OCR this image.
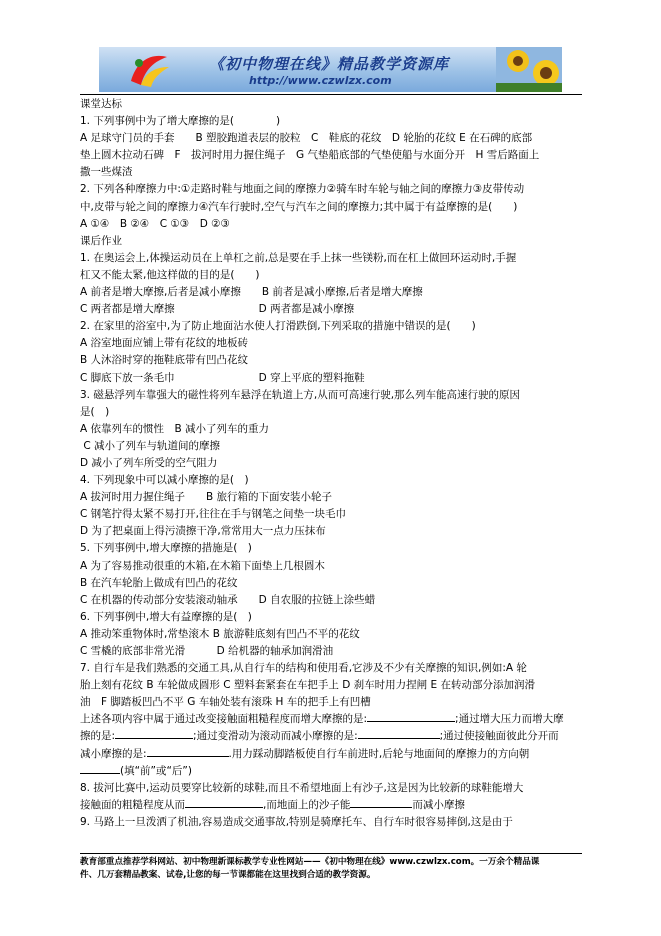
《初中物理在线》精品教学资源库
http://www.czwlzx.com

课堂达标

1. 下列事例中为了增大摩擦的是(　　　　)

A 足球守门员的手套　　B 塑胶跑道表层的胶粒　C　鞋底的花纹　D 轮胎的花纹 E 在石碑的底部

垫上圆木拉动石碑　F　拔河时用力握住绳子　G 气垫船底部的气垫使船与水面分开　H 雪后路面上

撒一些煤渣

2. 下列各种摩擦力中:①走路时鞋与地面之间的摩擦力②骑车时车轮与轴之间的摩擦力③皮带传动

中,皮带与轮之间的摩擦力④汽车行驶时,空气与汽车之间的摩擦力;其中属于有益摩擦的是(　　)

A ①④　B ②④　C ①③　D ②③

课后作业

1. 在奥运会上,体操运动员在上单杠之前,总是要在手上抹一些镁粉,而在杠上做回环运动时,手握

杠又不能太紧,他这样做的目的是(　　)

A 前者是增大摩擦,后者是减小摩擦　　B 前者是减小摩擦,后者是增大摩擦

C 两者都是增大摩擦　　　　　　　　D 两者都是减小摩擦

2. 在家里的浴室中,为了防止地面沾水使人打滑跌倒,下列采取的措施中错误的是(　　)

A 浴室地面应铺上带有花纹的地板砖

B 人沐浴时穿的拖鞋底带有凹凸花纹

C 脚底下放一条毛巾　　　　　　　　D 穿上平底的塑料拖鞋

3. 磁悬浮列车靠强大的磁性将列车悬浮在轨道上方,从而可高速行驶,那么列车能高速行驶的原因

是(　)

A 依靠列车的惯性　B 减小了列车的重力

C 减小了列车与轨道间的摩擦

D 减小了列车所受的空气阻力

4. 下列现象中可以减小摩擦的是(　)

A 拔河时用力握住绳子　　B 旅行箱的下面安装小轮子

C 钢笔拧得太紧不易打开,往往在手与钢笔之间垫一块毛巾

D 为了把桌面上得污渍擦干净,常常用大一点力压抹布

5. 下列事例中,增大摩擦的措施是(　)

A 为了容易推动很重的木箱,在木箱下面垫上几根圆木

B 在汽车轮胎上做成有凹凸的花纹

C 在机器的传动部分安装滚动轴承　　D 自农服的拉链上涂些蜡

6. 下列事例中,增大有益摩擦的是(　)

A 推动笨重物体时,常垫滚木 B 旅游鞋底刻有凹凸不平的花纹

C 雪橇的底部非常光滑　　　D 给机器的轴承加润滑油

7. 自行车是我们熟悉的交通工具,从自行车的结构和使用看,它涉及不少有关摩擦的知识,例如:A 轮

胎上刻有花纹 B 车轮做成圆形 C 塑料套紧套在车把手上 D 刹车时用力捏闸 E 在转动部分添加润滑

油　F 脚踏板凹凸不平 G 车轴处装有滚珠 H 车的把手上有凹槽

上述各项内容中属于通过改变接触面粗糙程度而增大摩擦的是:	;通过增大压力而增大摩

擦的是:	;通过变滑动为滚动而减小摩擦的是:	;通过使接触面彼此分开而

减小摩擦的是:	.用力踩动脚踏板使自行车前进时,后轮与地面间的摩擦力的方向朝

(填“前”或“后”)

8. 拔河比赛中,运动员要穿比较新的球鞋,而且不希望地面上有沙子,这是因为比较新的球鞋能增大

接触面的粗糙程度从而	,而地面上的沙子能	而减小摩擦

9. 马路上一旦泼洒了机油,容易造成交通事故,特别是骑摩托车、自行车时很容易摔倒,这是由于

教育部重点推荐学科网站、初中物理新课标教学专业性网站——《初中物理在线》www.czwlzx.com。一万余个精品课

件、几万套精品教案、试卷,让您的每一节课都能在这里找到合适的教学资源。
